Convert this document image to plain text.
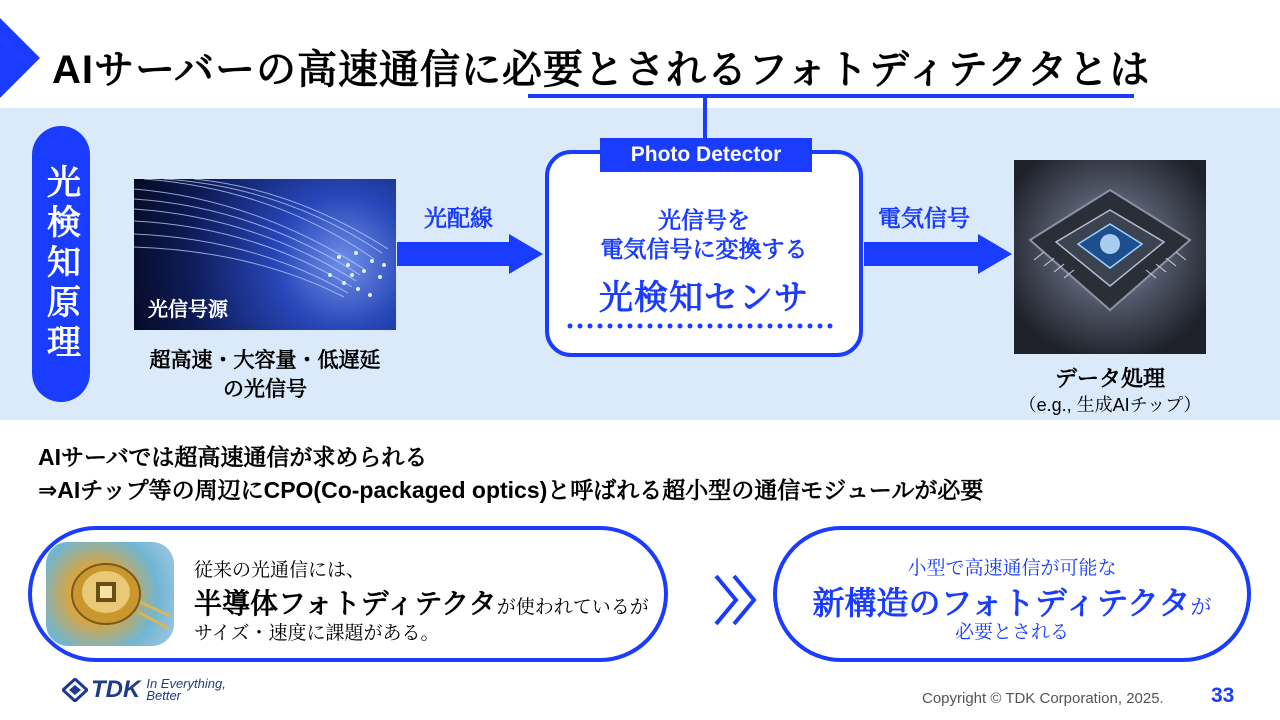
AIサーバーの高速通信に必要とされるフォトディテクタとは
光検知原理	光信号源
超高速・大容量・低遅延
の光信号
光配線	電気信号
Photo Detector
光信号を
電気信号に変換する
光検知センサ
データ処理
（e.g., 生成AIチップ）
AIサーバでは超高速通信が求められる
⇒AIチップ等の周辺にCPO(Co-packaged optics)と呼ばれる超小型の通信モジュールが必要
従来の光通信には、
半導体フォトディテクタが使われているが
サイズ・速度に課題がある。
小型で高速通信が可能な
新構造のフォトディテクタが
必要とされる
TDK In Everything,
Better	Copyright © TDK Corporation, 2025. 33
